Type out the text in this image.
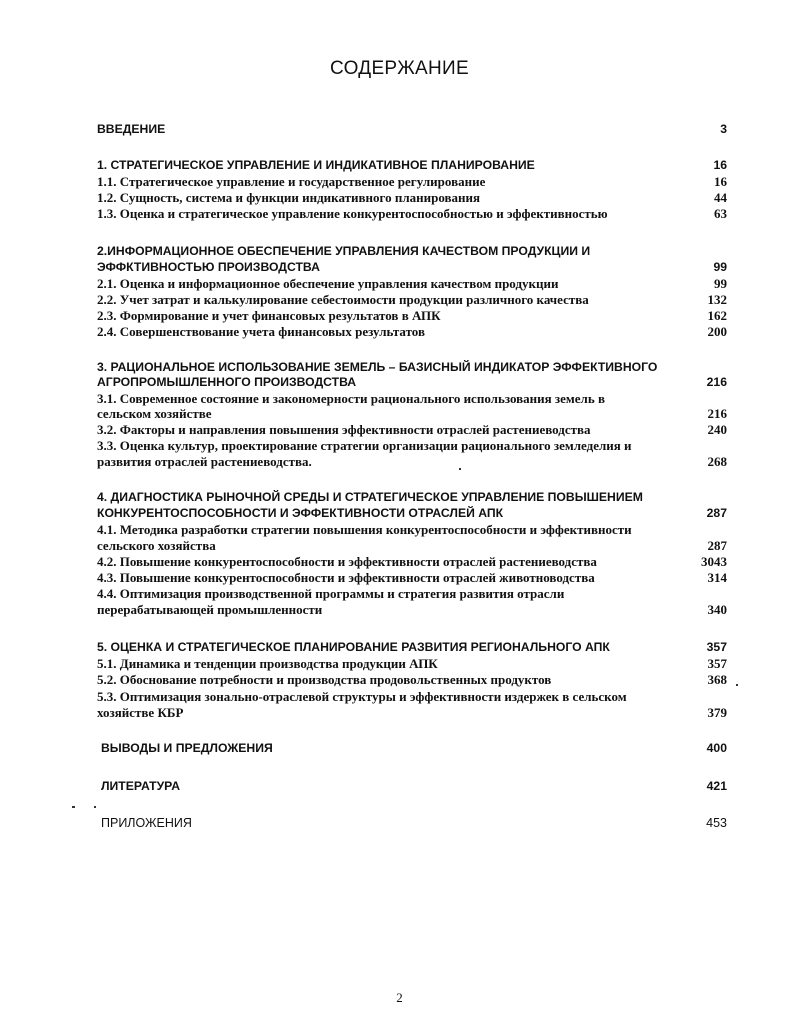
СОДЕРЖАНИЕ
ВВЕДЕНИЕ	3
1. СТРАТЕГИЧЕСКОЕ УПРАВЛЕНИЕ И ИНДИКАТИВНОЕ ПЛАНИРОВАНИЕ	16
1.1. Стратегическое управление и государственное регулирование	16
1.2. Сущность, система и функции индикативного планирования	44
1.3. Оценка и стратегическое управление конкурентоспособностью и эффективностью	63
2.ИНФОРМАЦИОННОЕ ОБЕСПЕЧЕНИЕ УПРАВЛЕНИЯ КАЧЕСТВОМ ПРОДУКЦИИ И
ЭФФКТИВНОСТЬЮ ПРОИЗВОДСТВА	99
2.1. Оценка и информационное обеспечение управления качеством продукции	99
2.2. Учет затрат и калькулирование себестоимости продукции различного качества	132
2.3. Формирование и учет финансовых результатов в АПК	162
2.4. Совершенствование учета финансовых результатов	200
3. РАЦИОНАЛЬНОЕ ИСПОЛЬЗОВАНИЕ ЗЕМЕЛЬ – БАЗИСНЫЙ ИНДИКАТОР ЭФФЕКТИВНОГО
АГРОПРОМЫШЛЕННОГО ПРОИЗВОДСТВА	216
3.1. Современное состояние и закономерности рационального использования земель в
сельском хозяйстве	216
3.2. Факторы и направления повышения эффективности отраслей растениеводства	240
3.3. Оценка культур, проектирование стратегии организации рационального земледелия и
развития отраслей растениеводства.	268
4. ДИАГНОСТИКА РЫНОЧНОЙ СРЕДЫ И СТРАТЕГИЧЕСКОЕ УПРАВЛЕНИЕ ПОВЫШЕНИЕМ
КОНКУРЕНТОСПОСОБНОСТИ И ЭФФЕКТИВНОСТИ ОТРАСЛЕЙ АПК	287
4.1. Методика разработки стратегии повышения конкурентоспособности и эффективности
сельского хозяйства	287
4.2. Повышение конкурентоспособности и эффективности отраслей растениеводства	3043
4.3. Повышение конкурентоспособности и эффективности отраслей животноводства	314
4.4. Оптимизация производственной программы и стратегия развития отрасли
перерабатывающей промышленности	340
5. ОЦЕНКА И СТРАТЕГИЧЕСКОЕ ПЛАНИРОВАНИЕ РАЗВИТИЯ РЕГИОНАЛЬНОГО АПК	357
5.1. Динамика и тенденции производства продукции АПК	357
5.2. Обоснование потребности и производства продовольственных продуктов	368
5.3. Оптимизация зонально-отраслевой структуры и эффективности издержек в сельском
хозяйстве КБР	379
ВЫВОДЫ И ПРЕДЛОЖЕНИЯ	400
ЛИТЕРАТУРА	421
ПРИЛОЖЕНИЯ	453
2
